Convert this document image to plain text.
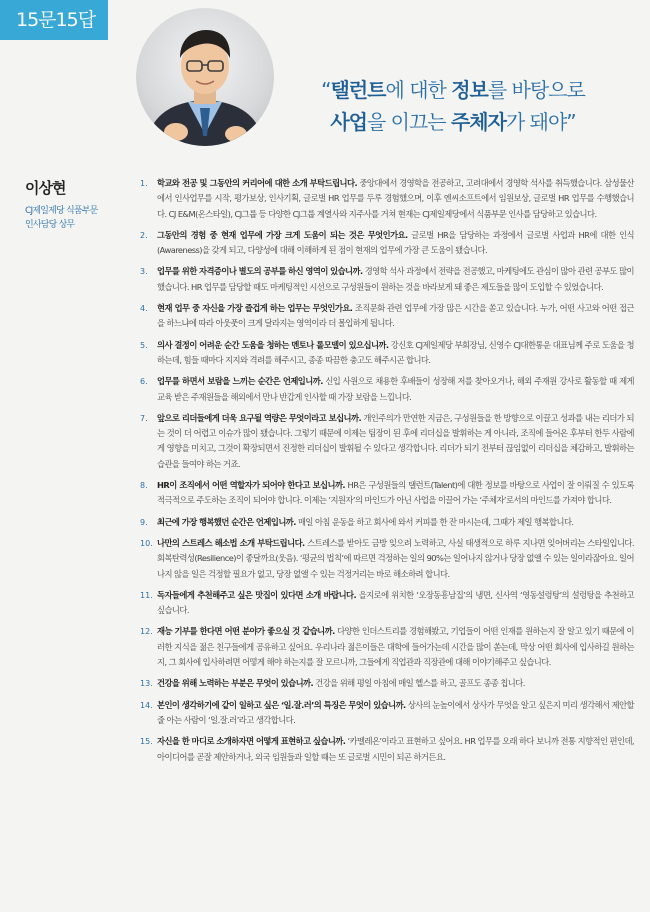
15문15답
“탤런트에 대한 정보를 바탕으로
사업을 이끄는 주체자가 돼야”
이상현
CJ제일제당 식품부문
인사담당 상무
1.	학교와 전공 및 그동안의 커리어에 대한 소개 부탁드립니다. 중앙대에서 경영학을 전공하고, 고려대에서 경영학 석사를 취득했습니다. 삼성물산에서 인사업무를 시작, 평가보상, 인사기획, 글로벌 HR 업무를 두루 경험했으며, 이후 엔씨소프트에서 임원보상, 글로벌 HR 업무를 수행했습니다. CJ E&M(온스타일), CJ그룹 등 다양한 CJ그룹 계열사와 지주사를 거쳐 현재는 CJ제일제당에서 식품부문 인사를 담당하고 있습니다.

2.	그동안의 경험 중 현재 업무에 가장 크게 도움이 되는 것은 무엇인가요. 글로벌 HR을 담당하는 과정에서 글로벌 사업과 HR에 대한 인식(Awareness)을 갖게 되고, 다양성에 대해 이해하게 된 점이 현재의 업무에 가장 큰 도움이 됐습니다.

3.	업무를 위한 자격증이나 별도의 공부를 하신 영역이 있습니까. 경영학 석사 과정에서 전략을 전공했고, 마케팅에도 관심이 많아 관련 공부도 많이 했습니다. HR 업무를 담당할 때도 마케팅적인 시선으로 구성원들이 원하는 것을 바라보게 돼 좋은 제도들을 많이 도입할 수 있었습니다.

4.	현재 업무 중 자신을 가장 즐겁게 하는 업무는 무엇인가요. 조직문화 관련 업무에 가장 많은 시간을 쏟고 있습니다. 누가, 어떤 사고와 어떤 접근을 하느냐에 따라 아웃풋이 크게 달라지는 영역이라 더 몰입하게 됩니다.

5.	의사 결정이 어려운 순간 도움을 청하는 멘토나 롤모델이 있으십니까. 강신호 CJ제일제당 부회장님, 신영수 CJ대한통운 대표님께 주로 도움을 청하는데, 힘들 때마다 지지와 격려를 해주시고, 종종 따끔한 충고도 해주시곤 합니다.

6.	업무를 하면서 보람을 느끼는 순간은 언제입니까. 신입 사원으로 채용한 후배들이 성장해 저를 찾아오거나, 해외 주재원 강사로 활동할 때 제게 교육 받은 주재원들을 해외에서 만나 반갑게 인사할 때 가장 보람을 느낍니다.

7.	앞으로 리더들에게 더욱 요구될 역량은 무엇이라고 보십니까. 개인주의가 만연한 지금은, 구성원들을 한 방향으로 이끌고 성과를 내는 리더가 되는 것이 더 어렵고 이슈가 많이 됐습니다. 그렇기 때문에 이제는 팀장이 된 후에 리더십을 발휘하는 게 아니라, 조직에 들어온 후부터 한두 사람에게 영향을 미치고, 그것이 확장되면서 진정한 리더십이 발휘될 수 있다고 생각합니다. 리더가 되기 전부터 끊임없이 리더십을 체감하고, 발휘하는 습관을 들여야 하는 거죠.

8.	HR이 조직에서 어떤 역할자가 되어야 한다고 보십니까. HR은 구성원들의 탤런트(Talent)에 대한 정보를 바탕으로 사업이 잘 이뤄질 수 있도록 적극적으로 주도하는 조직이 되어야 합니다. 이제는 ‘지원자’의 마인드가 아닌 사업을 이끌어 가는 ‘주체자’로서의 마인드를 가져야 합니다.

9.	최근에 가장 행복했던 순간은 언제입니까. 매일 아침 운동을 하고 회사에 와서 커피를 한 잔 마시는데, 그때가 제일 행복합니다.

10. 나만의 스트레스 해소법 소개 부탁드립니다. 스트레스를 받아도 금방 잊으려 노력하고, 사실 태생적으로 하루 지나면 잊어버리는 스타일입니다. 회복탄력성(Resilience)이 좋달까요(웃음). ‘평균의 법칙’에 따르면 걱정하는 일의 90%는 일어나지 않거나 당장 없앨 수 있는 일이라잖아요. 일어나지 않을 일은 걱정할 필요가 없고, 당장 없앨 수 있는 걱정거리는 바로 해소하려 합니다.

11. 독자들에게 추천해주고 싶은 맛집이 있다면 소개 바랍니다. 을지로에 위치한 ‘오장동흥남집’의 냉면, 신사역 ‘영동설렁탕’의 설렁탕을 추천하고 싶습니다.

12. 재능 기부를 한다면 어떤 분야가 좋으실 것 같습니까. 다양한 인더스트리를 경험해봤고, 기업들이 어떤 인재를 원하는지 잘 알고 있기 때문에 이러한 지식을 젊은 친구들에게 공유하고 싶어요. 우리나라 젊은이들은 대학에 들어가는데 시간을 많이 쏟는데, 막상 어떤 회사에 입사하길 원하는지, 그 회사에 입사하려면 어떻게 해야 하는지를 잘 모르니까, 그들에게 직업관과 직장관에 대해 이야기해주고 싶습니다.

13. 건강을 위해 노력하는 부분은 무엇이 있습니까. 건강을 위해 평일 아침에 매일 헬스를 하고, 골프도 종종 칩니다.

14. 본인이 생각하기에 같이 일하고 싶은 ‘일.잘.러’의 특징은 무엇이 있습니까. 상사의 눈높이에서 상사가 무엇을 알고 싶은지 미리 생각해서 제안할 줄 아는 사람이 ‘일.잘.러’라고 생각합니다.

15. 자신을 한 마디로 소개하자면 어떻게 표현하고 싶습니까. ‘카멜레온’이라고 표현하고 싶어요. HR 업무를 오래 하다 보니까 전통 지향적인 편인데, 아이디어를 곧잘 제안하거나, 외국 임원들과 일할 때는 또 글로벌 시민이 되곤 하거든요.
